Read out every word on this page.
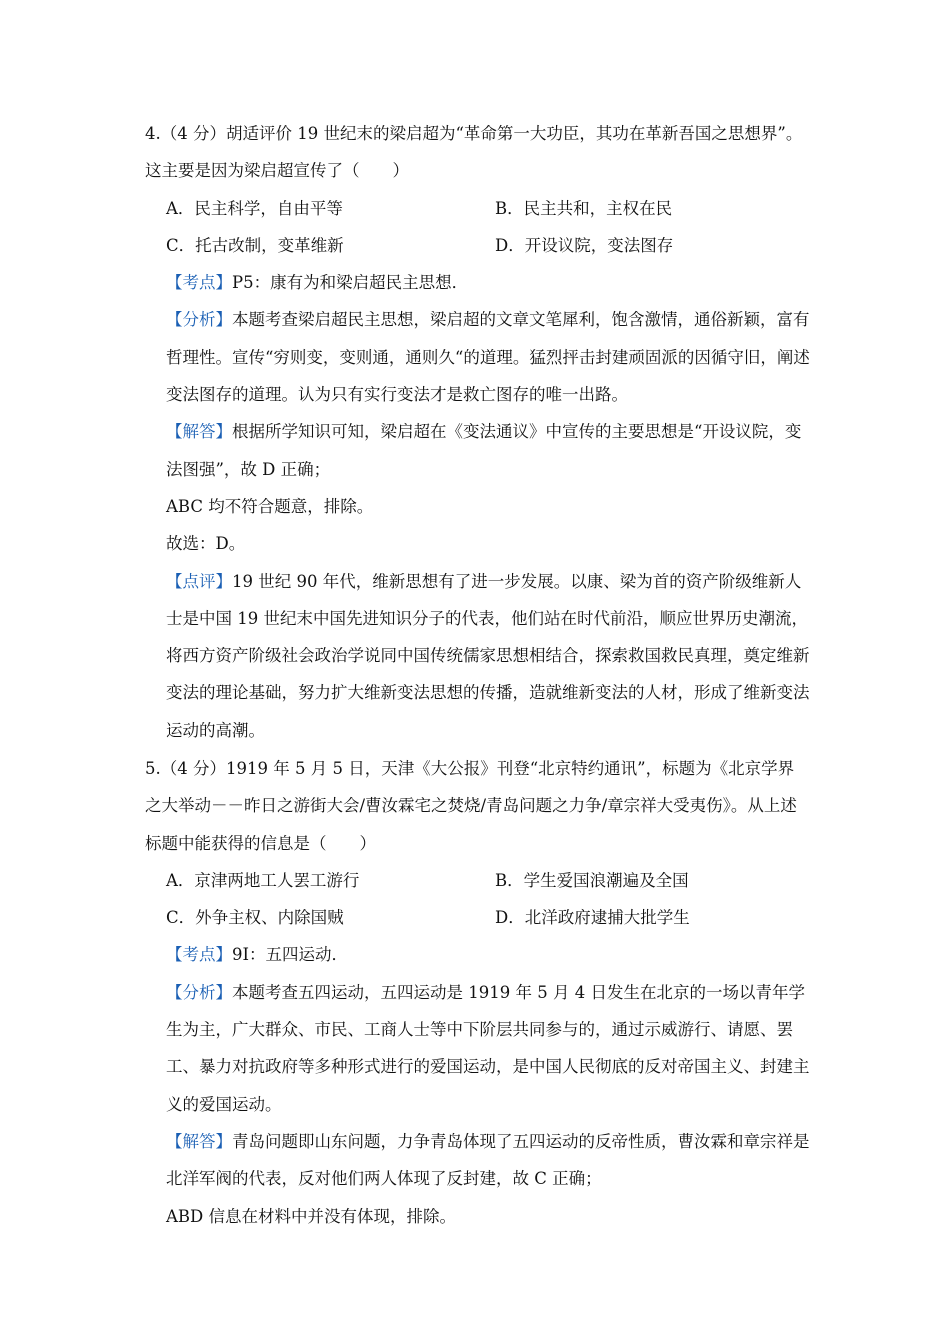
4.（4 分）胡适评价 19 世纪末的梁启超为“革命第一大功臣，其功在革新吾国之思想界”。这主要是因为梁启超宣传了（　　）

A．民主科学，自由平等	B．民主共和，主权在民
C．托古改制，变革维新	D．开设议院，变法图存

【考点】P5：康有为和梁启超民主思想．

【分析】本题考查梁启超民主思想，梁启超的文章文笔犀利，饱含激情，通俗新颖，富有哲理性。宣传“穷则变，变则通，通则久“的道理。猛烈抨击封建顽固派的因循守旧，阐述变法图存的道理。认为只有实行变法才是救亡图存的唯一出路。

【解答】根据所学知识可知，梁启超在《变法通议》中宣传的主要思想是“开设议院，变法图强”，故 D 正确；

ABC 均不符合题意，排除。

故选：D。

【点评】19 世纪 90 年代，维新思想有了进一步发展。以康、梁为首的资产阶级维新人士是中国 19 世纪末中国先进知识分子的代表，他们站在时代前沿，顺应世界历史潮流，将西方资产阶级社会政治学说同中国传统儒家思想相结合，探索救国救民真理，奠定维新变法的理论基础，努力扩大维新变法思想的传播，造就维新变法的人材，形成了维新变法运动的高潮。

5.（4 分）1919 年 5 月 5 日，天津《大公报》刊登“北京特约通讯”，标题为《北京学界之大举动－－昨日之游街大会/曹汝霖宅之焚烧/青岛问题之力争/章宗祥大受夷伤》。从上述标题中能获得的信息是（　　）

A．京津两地工人罢工游行	B．学生爱国浪潮遍及全国
C．外争主权、内除国贼	D．北洋政府逮捕大批学生

【考点】9I：五四运动．

【分析】本题考查五四运动，五四运动是 1919 年 5 月 4 日发生在北京的一场以青年学生为主，广大群众、市民、工商人士等中下阶层共同参与的，通过示威游行、请愿、罢工、暴力对抗政府等多种形式进行的爱国运动，是中国人民彻底的反对帝国主义、封建主义的爱国运动。

【解答】青岛问题即山东问题，力争青岛体现了五四运动的反帝性质，曹汝霖和章宗祥是北洋军阀的代表，反对他们两人体现了反封建，故 C 正确；

ABD 信息在材料中并没有体现，排除。
